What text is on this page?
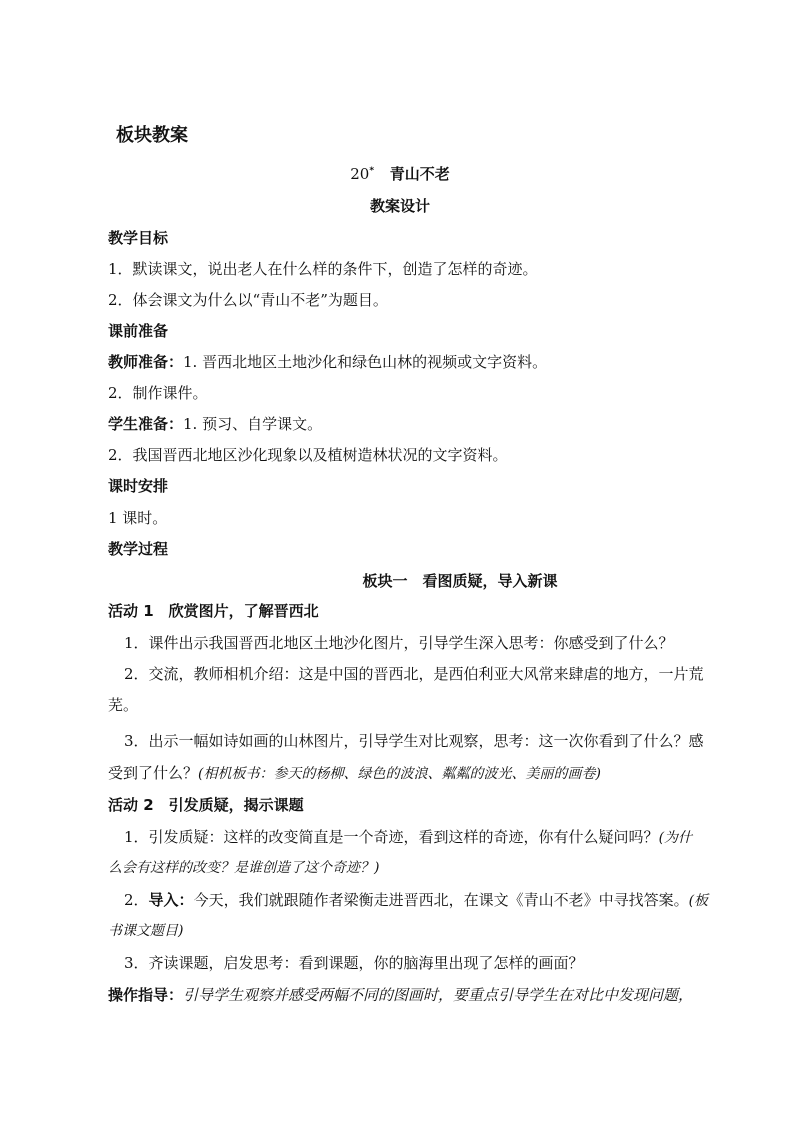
板块教案
20* 青山不老
教案设计
教学目标
1．默读课文，说出老人在什么样的条件下，创造了怎样的奇迹。
2．体会课文为什么以“青山不老”为题目。
课前准备
教师准备：1. 晋西北地区土地沙化和绿色山林的视频或文字资料。
2．制作课件。
学生准备：1. 预习、自学课文。
2．我国晋西北地区沙化现象以及植树造林状况的文字资料。
课时安排
1 课时。
教学过程
板块一　看图质疑，导入新课
活动 1　欣赏图片，了解晋西北
1．课件出示我国晋西北地区土地沙化图片，引导学生深入思考：你感受到了什么？
2．交流，教师相机介绍：这是中国的晋西北，是西伯利亚大风常来肆虐的地方，一片荒
芜。
3．出示一幅如诗如画的山林图片，引导学生对比观察，思考：这一次你看到了什么？感
受到了什么？(相机板书：参天的杨柳、绿色的波浪、粼粼的波光、美丽的画卷)
活动 2　引发质疑，揭示课题
1．引发质疑：这样的改变简直是一个奇迹，看到这样的奇迹，你有什么疑问吗？(为什
么会有这样的改变？是谁创造了这个奇迹？)
2．导入：今天，我们就跟随作者梁衡走进晋西北，在课文《青山不老》中寻找答案。(板
书课文题目)
3．齐读课题，启发思考：看到课题，你的脑海里出现了怎样的画面？
操作指导：引导学生观察并感受两幅不同的图画时，要重点引导学生在对比中发现问题，
